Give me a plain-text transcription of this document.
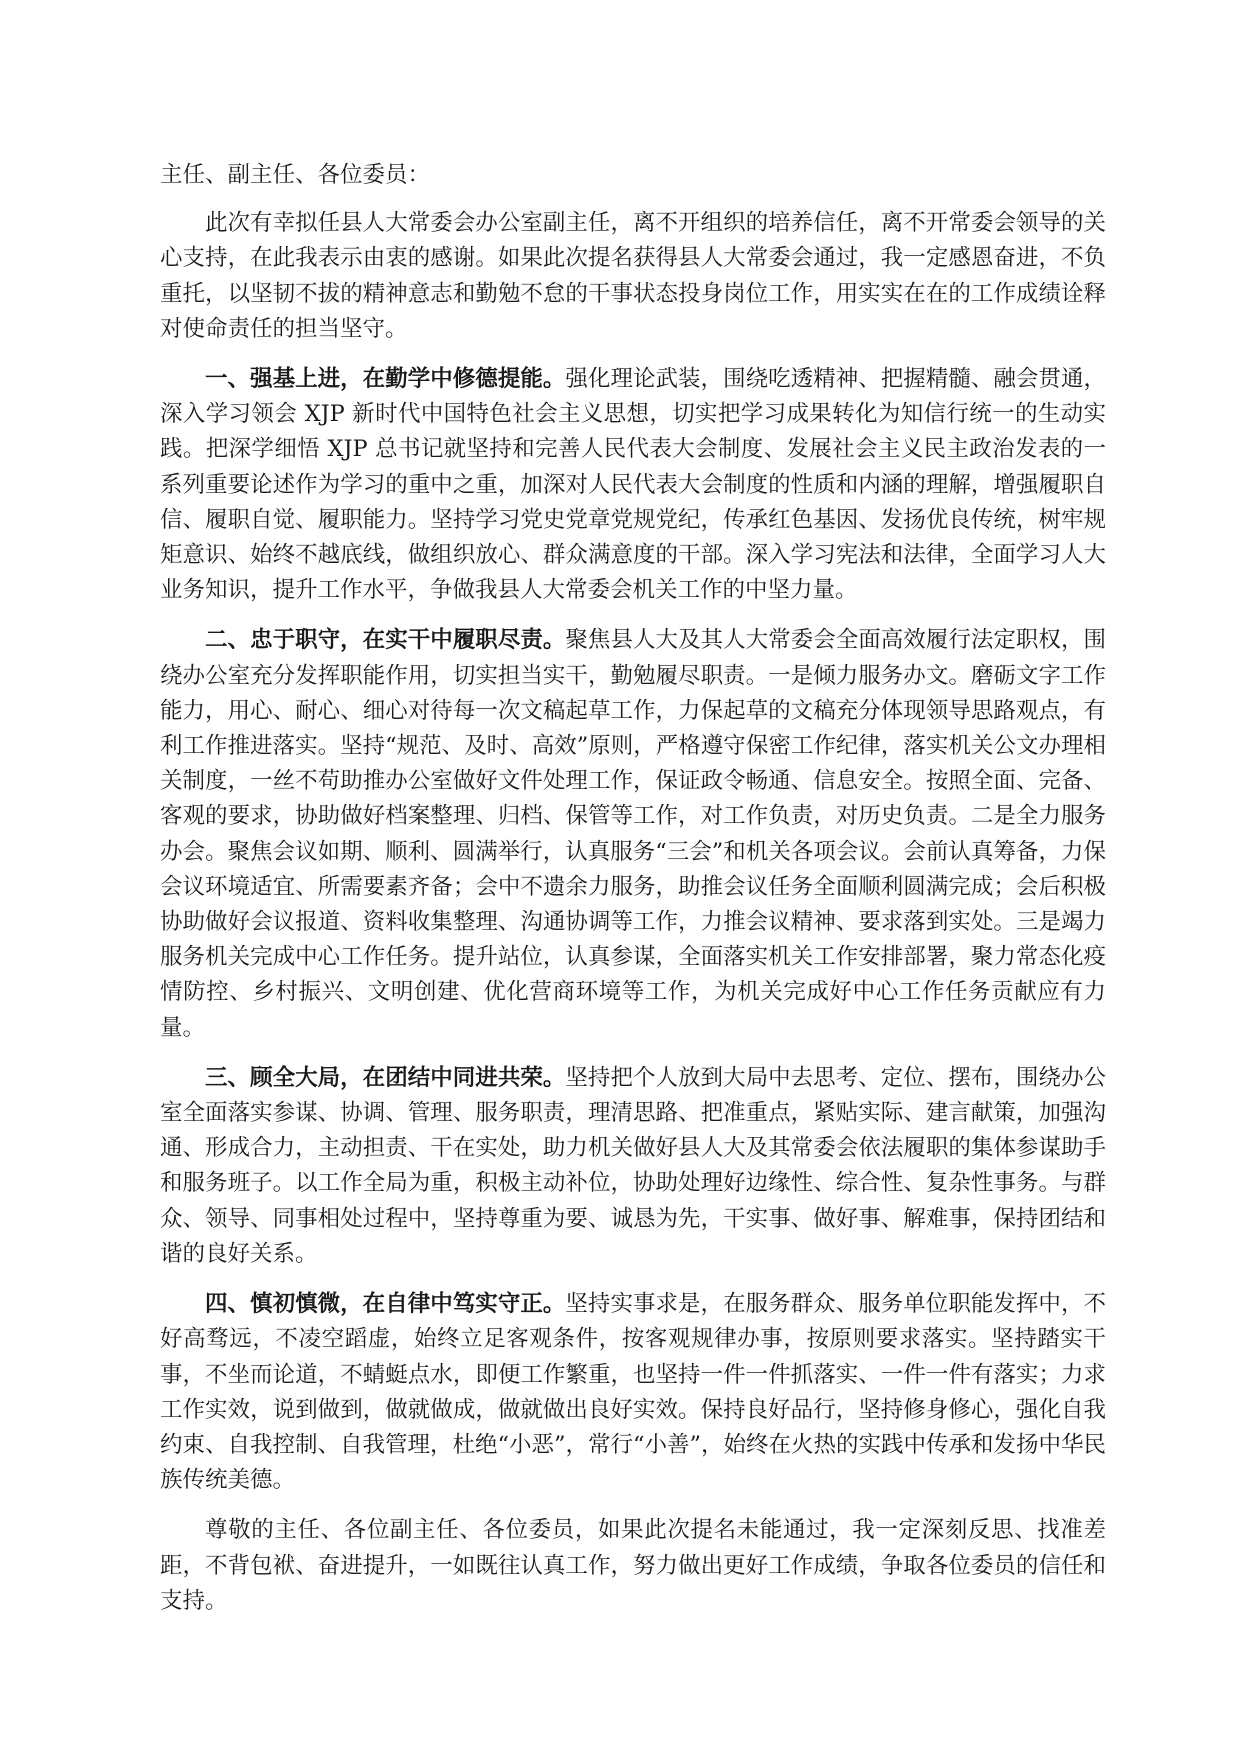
主任、副主任、各位委员：

此次有幸拟任县人大常委会办公室副主任，离不开组织的培养信任，离不开常委会领导的关心支持，在此我表示由衷的感谢。如果此次提名获得县人大常委会通过，我一定感恩奋进，不负重托，以坚韧不拔的精神意志和勤勉不怠的干事状态投身岗位工作，用实实在在的工作成绩诠释对使命责任的担当坚守。

一、强基上进，在勤学中修德提能。强化理论武装，围绕吃透精神、把握精髓、融会贯通，深入学习领会 XJP 新时代中国特色社会主义思想，切实把学习成果转化为知信行统一的生动实践。把深学细悟 XJP 总书记就坚持和完善人民代表大会制度、发展社会主义民主政治发表的一系列重要论述作为学习的重中之重，加深对人民代表大会制度的性质和内涵的理解，增强履职自信、履职自觉、履职能力。坚持学习党史党章党规党纪，传承红色基因、发扬优良传统，树牢规矩意识、始终不越底线，做组织放心、群众满意度的干部。深入学习宪法和法律，全面学习人大业务知识，提升工作水平，争做我县人大常委会机关工作的中坚力量。

二、忠于职守，在实干中履职尽责。聚焦县人大及其人大常委会全面高效履行法定职权，围绕办公室充分发挥职能作用，切实担当实干，勤勉履尽职责。一是倾力服务办文。磨砺文字工作能力，用心、耐心、细心对待每一次文稿起草工作，力保起草的文稿充分体现领导思路观点，有利工作推进落实。坚持“规范、及时、高效”原则，严格遵守保密工作纪律，落实机关公文办理相关制度，一丝不苟助推办公室做好文件处理工作，保证政令畅通、信息安全。按照全面、完备、客观的要求，协助做好档案整理、归档、保管等工作，对工作负责，对历史负责。二是全力服务办会。聚焦会议如期、顺利、圆满举行，认真服务“三会”和机关各项会议。会前认真筹备，力保会议环境适宜、所需要素齐备；会中不遗余力服务，助推会议任务全面顺利圆满完成；会后积极协助做好会议报道、资料收集整理、沟通协调等工作，力推会议精神、要求落到实处。三是竭力服务机关完成中心工作任务。提升站位，认真参谋，全面落实机关工作安排部署，聚力常态化疫情防控、乡村振兴、文明创建、优化营商环境等工作，为机关完成好中心工作任务贡献应有力量。

三、顾全大局，在团结中同进共荣。坚持把个人放到大局中去思考、定位、摆布，围绕办公室全面落实参谋、协调、管理、服务职责，理清思路、把准重点，紧贴实际、建言献策，加强沟通、形成合力，主动担责、干在实处，助力机关做好县人大及其常委会依法履职的集体参谋助手和服务班子。以工作全局为重，积极主动补位，协助处理好边缘性、综合性、复杂性事务。与群众、领导、同事相处过程中，坚持尊重为要、诚恳为先，干实事、做好事、解难事，保持团结和谐的良好关系。

四、慎初慎微，在自律中笃实守正。坚持实事求是，在服务群众、服务单位职能发挥中，不好高骛远，不凌空蹈虚，始终立足客观条件，按客观规律办事，按原则要求落实。坚持踏实干事，不坐而论道，不蜻蜓点水，即便工作繁重，也坚持一件一件抓落实、一件一件有落实；力求工作实效，说到做到，做就做成，做就做出良好实效。保持良好品行，坚持修身修心，强化自我约束、自我控制、自我管理，杜绝“小恶”，常行“小善”，始终在火热的实践中传承和发扬中华民族传统美德。

尊敬的主任、各位副主任、各位委员，如果此次提名未能通过，我一定深刻反思、找准差距，不背包袱、奋进提升，一如既往认真工作，努力做出更好工作成绩，争取各位委员的信任和支持。
